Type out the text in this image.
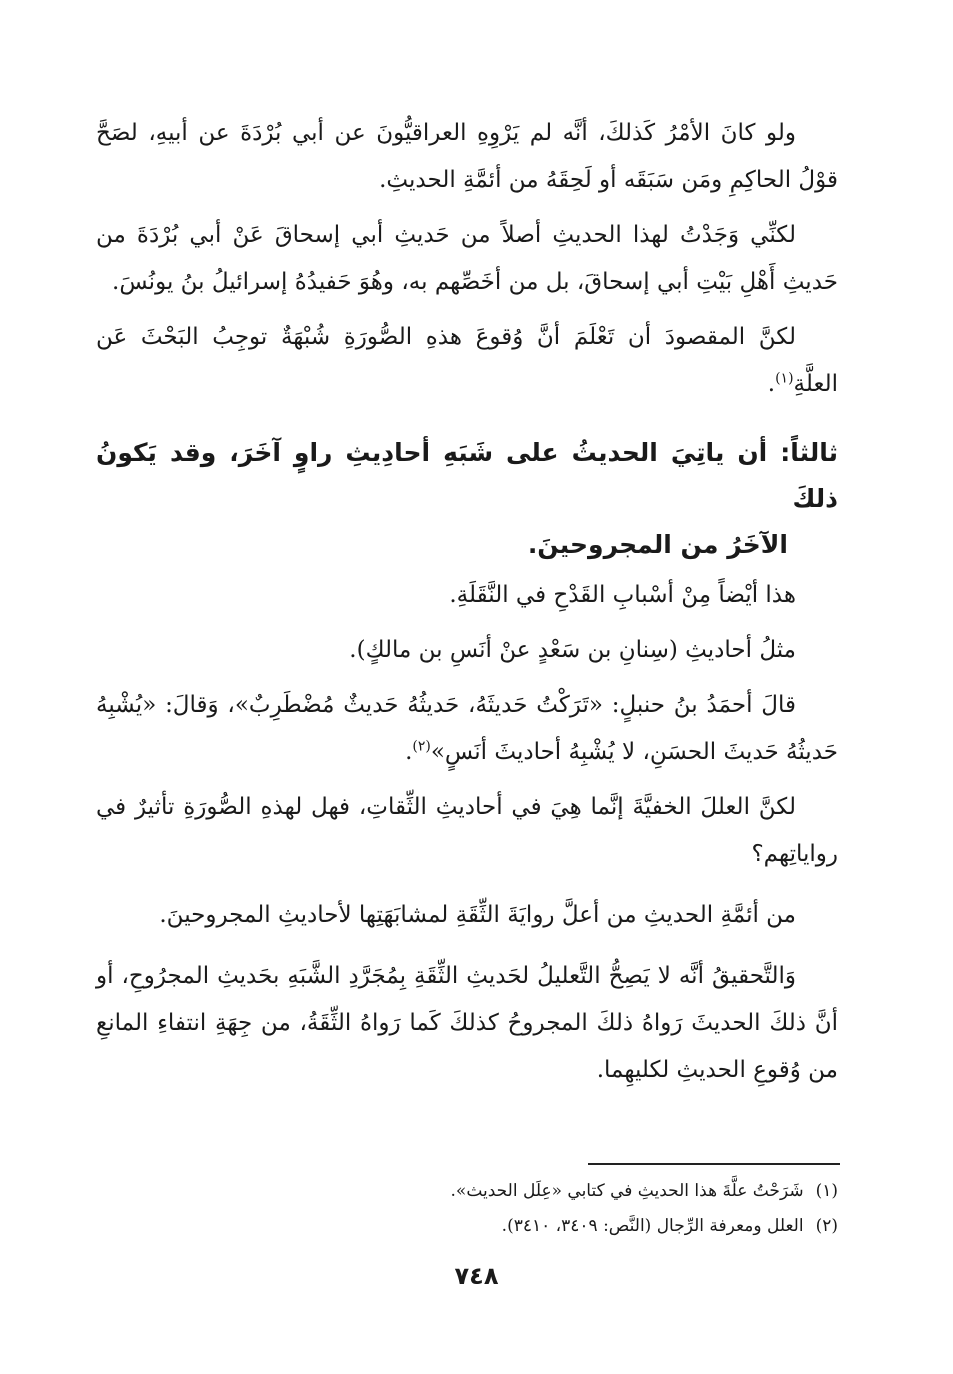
ولو كانَ الأمْرُ كَذلكَ، أنَّه لم يَرْوِهِ العراقيُّونَ عن أبي بُرْدَةَ عن أبيهِ، لصَحَّ قوْلُ الحاكِمِ ومَن سَبَقَه أو لَحِقَهُ من أئمَّةِ الحديثِ.

لكنِّي وَجَدْتُ لهذا الحديثِ أصلاً من حَديثِ أبي إسحاقَ عَنْ أبي بُرْدَةَ من حَديثِ أَهْلِ بَيْتِ أبي إسحاقَ، بل من أخَصِّهم به، وهُوَ حَفيدُهُ إسرائيلُ بنُ يونُسَ.

لكنَّ المقصودَ أن تَعْلَمَ أنَّ وُقوعَ هذهِ الصُّورَةِ شُبْهَةٌ توجِبُ البَحْثَ عَن العلَّةِ$^{(١)}$.

ثالثاً: أن ياتِيَ الحديثُ على شَبَهِ أحادِيثِ راوٍ آخَرَ، وقد يَكونُ ذلكَ
الآخَرُ من المجروحينَ.

هذا أيْضاً مِنْ أسْبابِ القَدْحِ في النَّقَلَةِ.

مثلُ أحاديثِ (سِنانِ بن سَعْدٍ عنْ أنَسِ بن مالكٍ).

قالَ أحمَدُ بنُ حنبلٍ: «تَرَكْتُ حَديثَهُ، حَديثُهُ حَديثٌ مُضْطَرِبٌ»، وَقالَ: «يُشْبِهُ حَديثُهُ حَديثَ الحسَنِ، لا يُشْبِهُ أحاديثَ أنَسٍ»$^{(٢)}$.

لكنَّ العللَ الخفيَّةَ إنَّما هِيَ في أحاديثِ الثِّقاتِ، فهل لهذهِ الصُّورَةِ تأثيرٌ في رواياتِهم؟

من أئمَّةِ الحديثِ من أعلَّ روايَةَ الثِّقَةِ لمشابَهَتِها لأحاديثِ المجروحينَ.

وَالتَّحقيقُ أنَّه لا يَصِحُّ التَّعليلُ لحَديثِ الثِّقَةِ بِمُجَرَّدِ الشَّبَهِ بحَديثِ المجرُوحِ، أو أنَّ ذلكَ الحديثَ رَواهُ ذلكَ المجروحُ كذلكَ كَما رَواهُ الثِّقَةُ، من جِهَةِ انتفاءِ المانعِ من وُقوعِ الحديثِ لكليهِما.

(١)شَرَحْتُ علَّةَ هذا الحديثِ في كتابي «عِلَل الحديث».

(٢)العلل ومعرفة الرِّجال (النَّص: ٣٤٠٩، ٣٤١٠).

٧٤٨
